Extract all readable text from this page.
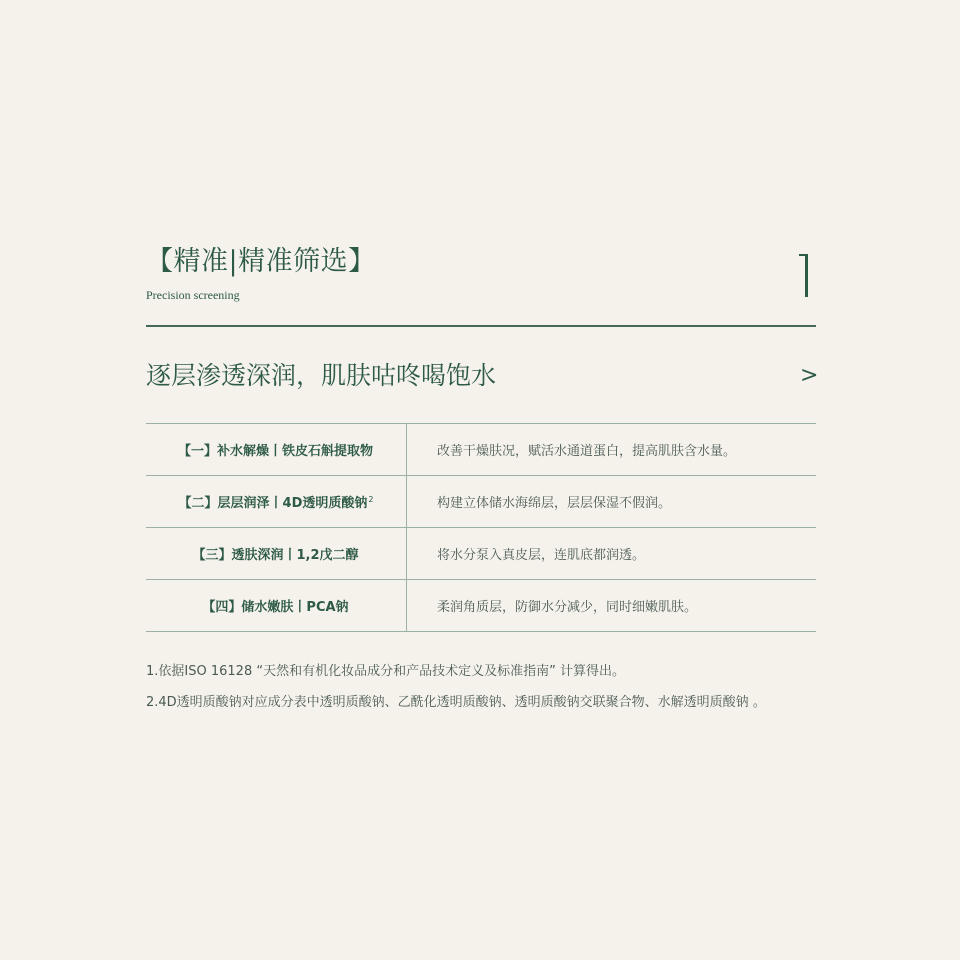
【精准|精准筛选】
Precision screening
逐层渗透深润，肌肤咕咚喝饱水	>
【一】补水解燥丨铁皮石斛提取物	改善干燥肤况，赋活水通道蛋白，提高肌肤含水量。
【二】层层润泽丨4D透明质酸钠$^2$	构建立体储水海绵层，层层保湿不假润。
【三】透肤深润丨1,2戊二醇	将水分泵入真皮层，连肌底都润透。
【四】储水嫩肤丨PCA钠	柔润角质层，防御水分减少，同时细嫩肌肤。
1.依据ISO 16128 “天然和有机化妆品成分和产品技术定义及标准指南” 计算得出。
2.4D透明质酸钠对应成分表中透明质酸钠、乙酰化透明质酸钠、透明质酸钠交联聚合物、水解透明质酸钠 。
